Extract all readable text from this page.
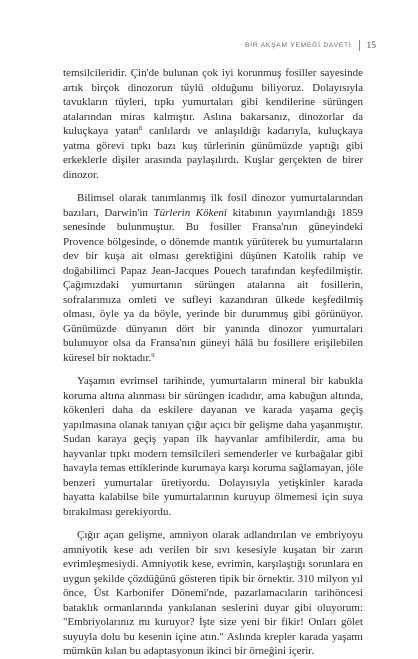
BİR AKŞAM YEMEĞİ DAVETİ 15

temsilcileridir. Çin'de bulunan çok iyi korunmuş fosiller sayesinde artık birçok dinozorun tüylü olduğunu biliyoruz. Dolayısıyla tavukların tüyleri, tıpkı yumurtaları gibi kendilerine sürüngen atalarından miras kalmıştır. Aslına bakarsanız, dinozorlar da kuluçkaya yatan$^8$ canlılardı ve anlaşıldığı kadarıyla, kuluçkaya yatma görevi tıpkı bazı kuş türlerinin günümüzde yaptığı gibi erkeklerle dişiler arasında paylaşılırdı. Kuşlar gerçekten de birer dinozor.

Bilimsel olarak tanımlanmış ilk fosil dinozor yumurtalarından bazıları, Darwin'in Türlerin Kökeni kitabının yayımlandığı 1859 senesinde bulunmuştur. Bu fosiller Fransa'nın güneyindeki Provence bölgesinde, o dönemde mantık yürüterek bu yumurtaların dev bir kuşa ait olması gerektiğini düşünen Katolik rahip ve doğabilimci Papaz Jean-Jacques Pouech tarafından keşfedilmiştir. Çağımızdaki yumurtanın sürüngen atalarına ait fosillerin, sofralarımıza omleti ve sufleyi kazandıran ülkede keşfedilmiş olması, öyle ya da böyle, yerinde bir durummuş gibi görünüyor. Günümüzde dünyanın dört bir yanında dinozor yumurtaları bulunuyor olsa da Fransa'nın güneyi hâlâ bu fosillere erişilebilen küresel bir noktadır.$^9$

Yaşamın evrimsel tarihinde, yumurtaların mineral bir kabukla koruma altına alınması bir sürüngen icadıdır, ama kabuğun altında, kökenleri daha da eskilere dayanan ve karada yaşama geçiş yapılmasına olanak tanıyan çığır açıcı bir gelişme daha yaşanmıştır. Sudan karaya geçiş yapan ilk hayvanlar amfibilerdir, ama bu hayvanlar tıpkı modern temsilcileri semenderler ve kurbağalar gibi havayla temas ettiklerinde kurumaya karşı koruma sağlamayan, jöle benzeri yumurtalar üretiyordu. Dolayısıyla yetişkinler karada hayatta kalabilse bile yumurtalarının kuruyup ölmemesi için suya bırakılması gerekiyordu.

Çığır açan gelişme, amniyon olarak adlandırılan ve embriyoyu amniyotik kese adı verilen bir sıvı kesesiyle kuşatan bir zarın evrimleşmesiydi. Amniyotik kese, evrimin, karşılaştığı sorunlara en uygun şekilde çözdüğünü gösteren tipik bir örnektir. 310 milyon yıl önce, Üst Karbonifer Dönemi'nde, pazarlamacıların tarihöncesi bataklık ormanlarında yankılanan seslerini duyar gibi oluyorum: "Embriyolarınız mı kuruyor? İşte size yeni bir fikir! Onları gölet suyuyla dolu bu kesenin içine atın." Aslında krepler karada yaşamı mümkün kılan bu adaptasyonun ikinci bir örneğini içerir.
